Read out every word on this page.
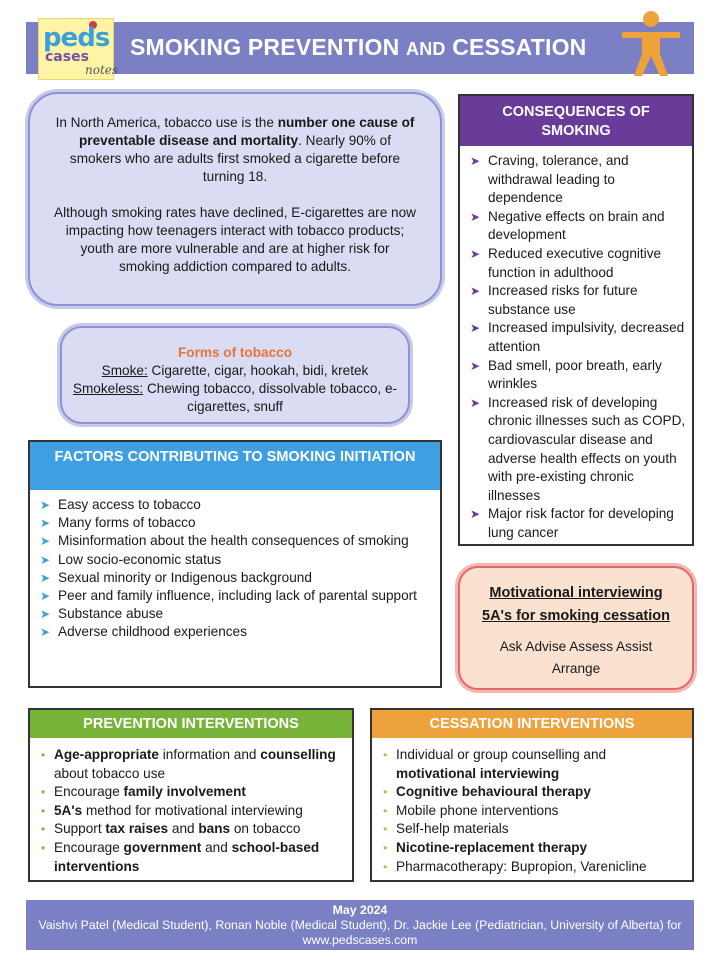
peds
cases
notes
SMOKING PREVENTION AND CESSATION

In North America, tobacco use is the number one cause of preventable disease and mortality. Nearly 90% of smokers who are adults first smoked a cigarette before turning 18.

Although smoking rates have declined, E-cigarettes are now impacting how teenagers interact with tobacco products; youth are more vulnerable and are at higher risk for smoking addiction compared to adults.

Forms of tobacco
Smoke: Cigarette, cigar, hookah, bidi, kretek
Smokeless: Chewing tobacco, dissolvable tobacco, e-cigarettes, snuff
CONSEQUENCES OF SMOKING
➤ Craving, tolerance, and withdrawal leading to dependence
➤ Negative effects on brain and development
➤ Reduced executive cognitive function in adulthood
➤ Increased risks for future substance use
➤ Increased impulsivity, decreased attention
➤ Bad smell, poor breath, early wrinkles
➤ Increased risk of developing chronic illnesses such as COPD, cardiovascular disease and adverse health effects on youth with pre-existing chronic illnesses
➤ Major risk factor for developing lung cancer
FACTORS CONTRIBUTING TO SMOKING INITIATION
➤ Easy access to tobacco
➤ Many forms of tobacco
➤ Misinformation about the health consequences of smoking
➤ Low socio-economic status
➤ Sexual minority or Indigenous background
➤ Peer and family influence, including lack of parental support
➤ Substance abuse
➤ Adverse childhood experiences
Motivational interviewing
5A's for smoking cessation
Ask Advise Assess Assist
Arrange
PREVENTION INTERVENTIONS
• Age-appropriate information and counselling about tobacco use
• Encourage family involvement
• 5A's method for motivational interviewing
• Support tax raises and bans on tobacco
• Encourage government and school-based interventions
CESSATION INTERVENTIONS
• Individual or group counselling and motivational interviewing
• Cognitive behavioural therapy
• Mobile phone interventions
• Self-help materials
• Nicotine-replacement therapy
• Pharmacotherapy: Bupropion, Varenicline
May 2024
Vaishvi Patel (Medical Student), Ronan Noble (Medical Student), Dr. Jackie Lee (Pediatrician, University of Alberta) for www.pedscases.com
